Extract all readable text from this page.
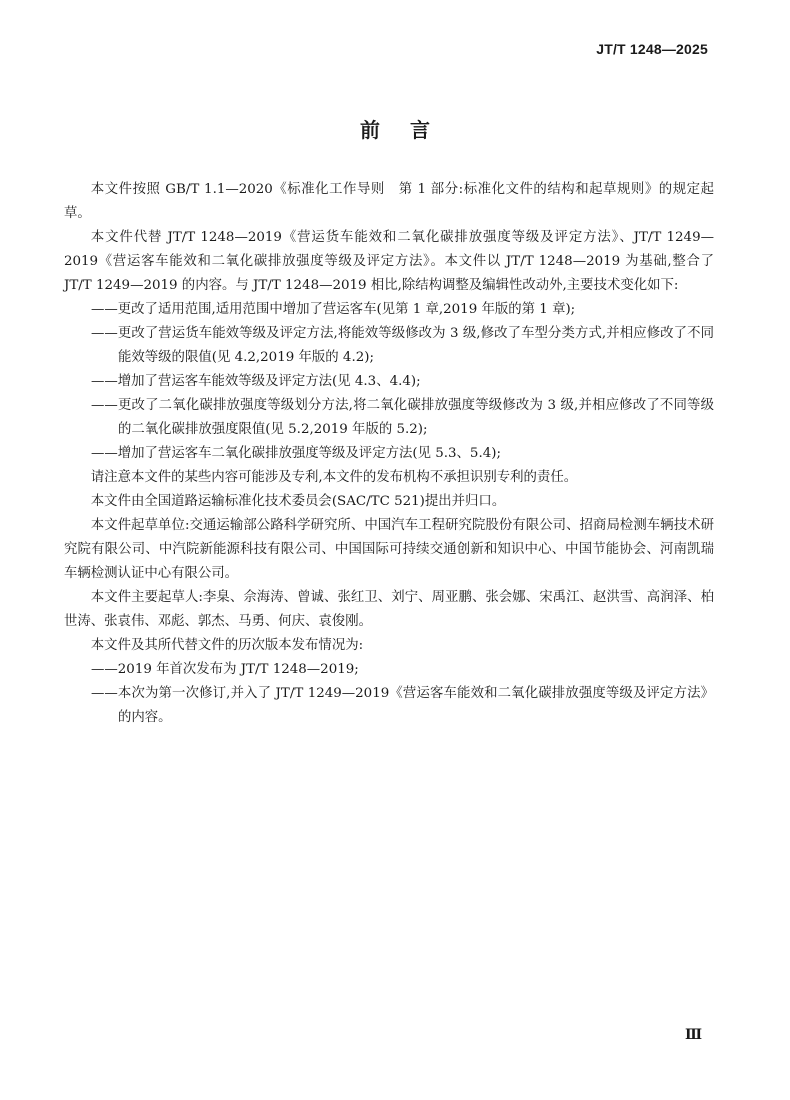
JT/T 1248—2025
前言

本文件按照 GB/T 1.1—2020《标准化工作导则　第 1 部分:标准化文件的结构和起草规则》的规定起草。

本文件代替 JT/T 1248—2019《营运货车能效和二氧化碳排放强度等级及评定方法》、JT/T 1249—2019《营运客车能效和二氧化碳排放强度等级及评定方法》。本文件以 JT/T 1248—2019 为基础,整合了 JT/T 1249—2019 的内容。与 JT/T 1248—2019 相比,除结构调整及编辑性改动外,主要技术变化如下:

——更改了适用范围,适用范围中增加了营运客车(见第 1 章,2019 年版的第 1 章);

——更改了营运货车能效等级及评定方法,将能效等级修改为 3 级,修改了车型分类方式,并相应修改了不同能效等级的限值(见 4.2,2019 年版的 4.2);

——增加了营运客车能效等级及评定方法(见 4.3、4.4);

——更改了二氧化碳排放强度等级划分方法,将二氧化碳排放强度等级修改为 3 级,并相应修改了不同等级的二氧化碳排放强度限值(见 5.2,2019 年版的 5.2);

——增加了营运客车二氧化碳排放强度等级及评定方法(见 5.3、5.4);

请注意本文件的某些内容可能涉及专利,本文件的发布机构不承担识别专利的责任。

本文件由全国道路运输标准化技术委员会(SAC/TC 521)提出并归口。

本文件起草单位:交通运输部公路科学研究所、中国汽车工程研究院股份有限公司、招商局检测车辆技术研究院有限公司、中汽院新能源科技有限公司、中国国际可持续交通创新和知识中心、中国节能协会、河南凯瑞车辆检测认证中心有限公司。

本文件主要起草人:李臬、佘海涛、曾诚、张红卫、刘宁、周亚鹏、张会娜、宋禹江、赵洪雪、高润泽、柏世涛、张袁伟、邓彪、郭杰、马勇、何庆、袁俊刚。

本文件及其所代替文件的历次版本发布情况为:

——2019 年首次发布为 JT/T 1248—2019;

——本次为第一次修订,并入了 JT/T 1249—2019《营运客车能效和二氧化碳排放强度等级及评定方法》的内容。

Ⅲ
